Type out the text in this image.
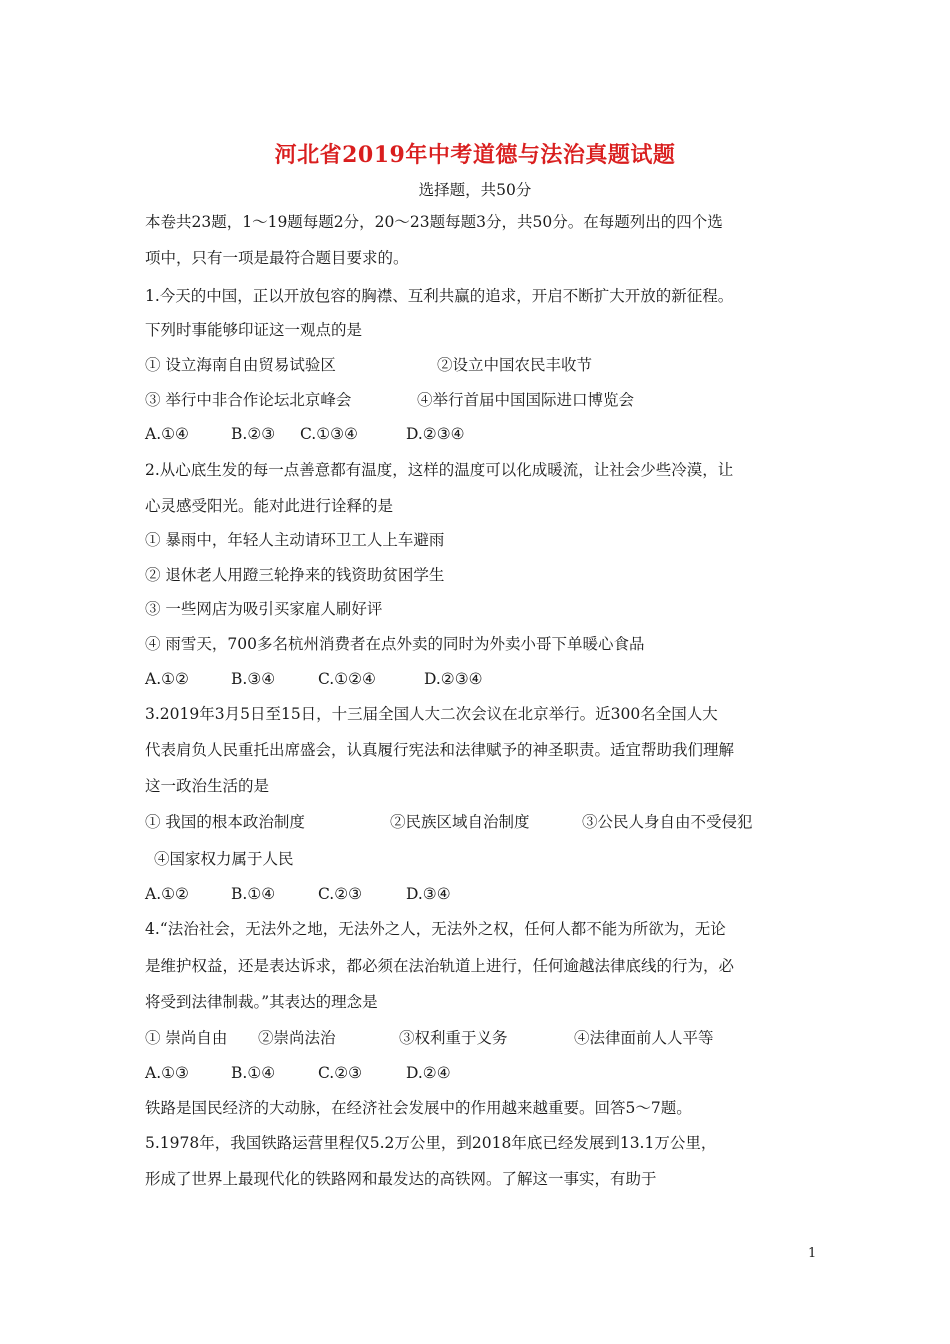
河北省2019年中考道德与法治真题试题
选择题，共50分
本卷共23题，1～19题每题2分，20～23题每题3分，共50分。在每题列出的四个选
项中，只有一项是最符合题目要求的。
1.今天的中国，正以开放包容的胸襟、互利共赢的追求，开启不断扩大开放的新征程。
下列时事能够印证这一观点的是
① 设立海南自由贸易试验区	②设立中国农民丰收节
③ 举行中非合作论坛北京峰会	④举行首届中国国际进口博览会
A.①④	B.②③ C.①③④	D.②③④
2.从心底生发的每一点善意都有温度，这样的温度可以化成暖流，让社会少些冷漠，让
心灵感受阳光。能对此进行诠释的是
① 暴雨中，年轻人主动请环卫工人上车避雨
② 退休老人用蹬三轮挣来的钱资助贫困学生
③ 一些网店为吸引买家雇人刷好评
④ 雨雪天，700多名杭州消费者在点外卖的同时为外卖小哥下单暖心食品
A.①②	B.③④	C.①②④	D.②③④
3.2019年3月5日至15日，十三届全国人大二次会议在北京举行。近300名全国人大
代表肩负人民重托出席盛会，认真履行宪法和法律赋予的神圣职责。适宜帮助我们理解
这一政治生活的是
① 我国的根本政治制度	②民族区域自治制度	③公民人身自由不受侵犯
④国家权力属于人民
A.①②	B.①④	C.②③	D.③④
4.“法治社会，无法外之地，无法外之人，无法外之权，任何人都不能为所欲为，无论
是维护权益，还是表达诉求，都必须在法治轨道上进行，任何逾越法律底线的行为，必
将受到法律制裁。”其表达的理念是
① 崇尚自由 ②崇尚法治	③权利重于义务	④法律面前人人平等
A.①③	B.①④	C.②③	D.②④
铁路是国民经济的大动脉，在经济社会发展中的作用越来越重要。回答5～7题。
5.1978年，我国铁路运营里程仅5.2万公里，到2018年底已经发展到13.1万公里，
形成了世界上最现代化的铁路网和最发达的高铁网。了解这一事实，有助于
1
